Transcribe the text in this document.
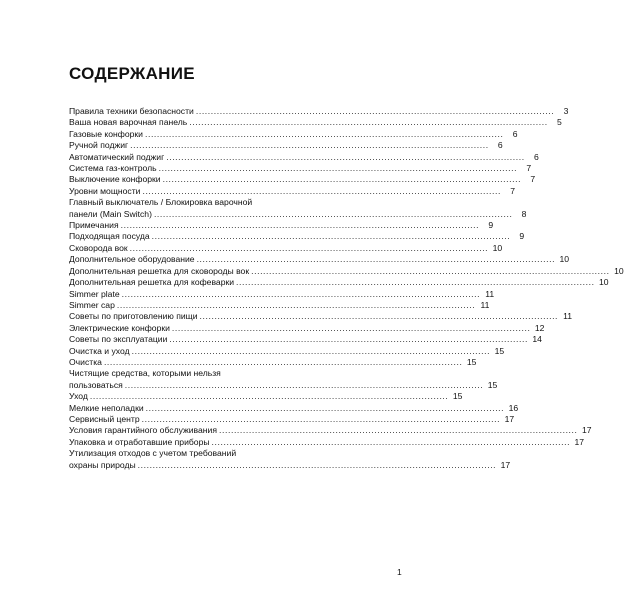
СОДЕРЖАНИЕ
Правила техники безопасности ........................................................................................................................	3
Ваша новая варочная панель ........................................................................................................................	5
Газовые конфорки ........................................................................................................................	6
Ручной поджиг ........................................................................................................................	6
Автоматический поджиг ........................................................................................................................	6
Система газ-контроль ........................................................................................................................	7
Выключение конфорки ........................................................................................................................	7
Уровни мощности ........................................................................................................................	7
Главный выключатель / Блокировка варочной
панели (Main Switch) ........................................................................................................................	8
Примечания ........................................................................................................................	9
Подходящая посуда ........................................................................................................................	9
Сковорода вок ........................................................................................................................ 10
Дополнительное оборудование ........................................................................................................................ 10
Дополнительная решетка для сковороды вок ........................................................................................................................ 10
Дополнительная решетка для кофеварки ........................................................................................................................ 10
Simmer plate ........................................................................................................................ 11
Simmer cap ........................................................................................................................ 11
Советы по приготовлению пищи ........................................................................................................................ 11
Электрические конфорки ........................................................................................................................ 12
Советы по эксплуатации ........................................................................................................................ 14
Очистка и уход ........................................................................................................................ 15
Очистка ........................................................................................................................ 15
Чистящие средства, которыми нельзя
пользоваться ........................................................................................................................ 15
Уход ........................................................................................................................ 15
Мелкие неполадки ........................................................................................................................ 16
Сервисный центр ........................................................................................................................ 17
Условия гарантийного обслуживания ........................................................................................................................ 17
Упаковка и отработавшие приборы ........................................................................................................................ 17
Утилизация отходов с учетом требований
охраны природы ........................................................................................................................ 17
1
